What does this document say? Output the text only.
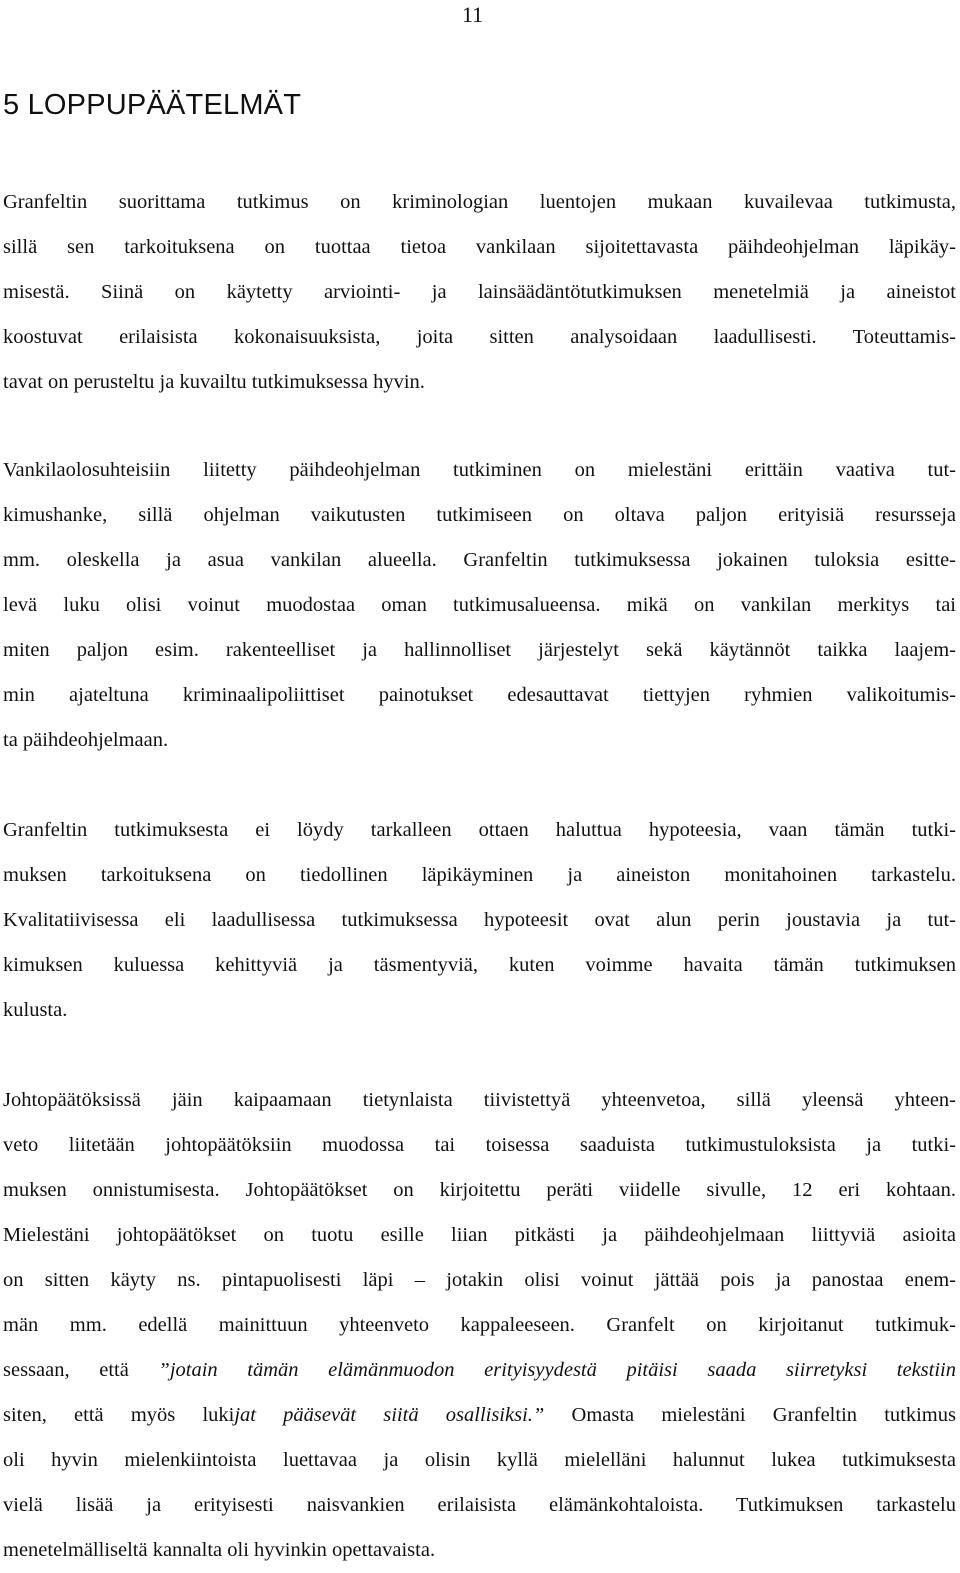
11
5 LOPPUPÄÄTELMÄT
Granfeltin suorittama tutkimus on kriminologian luentojen mukaan kuvailevaa tutkimusta,
sillä sen tarkoituksena on tuottaa tietoa vankilaan sijoitettavasta päihdeohjelman läpikäy-
misestä. Siinä on käytetty arviointi- ja lainsäädäntötutkimuksen menetelmiä ja aineistot
koostuvat erilaisista kokonaisuuksista, joita sitten analysoidaan laadullisesti. Toteuttamis-
tavat on perusteltu ja kuvailtu tutkimuksessa hyvin.
Vankilaolosuhteisiin liitetty päihdeohjelman tutkiminen on mielestäni erittäin vaativa tut-
kimushanke, sillä ohjelman vaikutusten tutkimiseen on oltava paljon erityisiä resursseja
mm. oleskella ja asua vankilan alueella. Granfeltin tutkimuksessa jokainen tuloksia esitte-
levä luku olisi voinut muodostaa oman tutkimusalueensa. mikä on vankilan merkitys tai
miten paljon esim. rakenteelliset ja hallinnolliset järjestelyt sekä käytännöt taikka laajem-
min ajateltuna kriminaalipoliittiset painotukset edesauttavat tiettyjen ryhmien valikoitumis-
ta päihdeohjelmaan.
Granfeltin tutkimuksesta ei löydy tarkalleen ottaen haluttua hypoteesia, vaan tämän tutki-
muksen tarkoituksena on tiedollinen läpikäyminen ja aineiston monitahoinen tarkastelu.
Kvalitatiivisessa eli laadullisessa tutkimuksessa hypoteesit ovat alun perin joustavia ja tut-
kimuksen kuluessa kehittyviä ja täsmentyviä, kuten voimme havaita tämän tutkimuksen
kulusta.
Johtopäätöksissä jäin kaipaamaan tietynlaista tiivistettyä yhteenvetoa, sillä yleensä yhteen-
veto liitetään johtopäätöksiin muodossa tai toisessa saaduista tutkimustuloksista ja tutki-
muksen onnistumisesta. Johtopäätökset on kirjoitettu peräti viidelle sivulle, 12 eri kohtaan.
Mielestäni johtopäätökset on tuotu esille liian pitkästi ja päihdeohjelmaan liittyviä asioita
on sitten käyty ns. pintapuolisesti läpi – jotakin olisi voinut jättää pois ja panostaa enem-
män mm. edellä mainittuun yhteenveto kappaleeseen. Granfelt on kirjoitanut tutkimuk-
sessaan, että ”jotain tämän elämänmuodon erityisyydestä pitäisi saada siirretyksi tekstiin
siten, että myös lukijat pääsevät siitä osallisiksi.” Omasta mielestäni Granfeltin tutkimus
oli hyvin mielenkiintoista luettavaa ja olisin kyllä mielelläni halunnut lukea tutkimuksesta
vielä lisää ja erityisesti naisvankien erilaisista elämänkohtaloista. Tutkimuksen tarkastelu
menetelmälliseltä kannalta oli hyvinkin opettavaista.
